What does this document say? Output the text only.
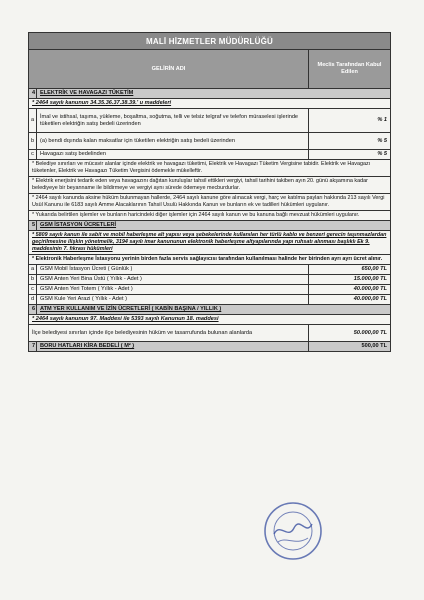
MALİ HİZMETLER MÜDÜRLÜĞÜ		
GELİRİN ADI		Meclis Tarafından Kabul Edilen
4	ELEKTRİK VE HAVAGAZI TÜKETİM	
* 2464 sayılı kanunun 34.35.36.37.38.39.' u maddeleri		
a	İmal ve istihsal, taşıma, yükleme, boşaltma, soğutma, telli ve telsiz telgraf ve telefon müraselesi işlerinde tüketilen elektriğin satış bedeli üzerinden	% 1
b	(a) bendi dışında kalan maksatlar için tüketilen elektriğin satış bedeli üzerinden	% 5
c	Havagazı satış bedelinden	% 5
* Belediye sınırları ve mücavir alanlar içinde elektrik ve havagazı tüketimi, Elektrik ve Havagazı Tüketim Vergisine tabidir. Elektrik ve Havagazı tüketenler, Elektrik ve Havagazı Tüketim Vergisini ödemekle mükelleftir.		
* Elektrik enerjisini tedarik eden veya havagazını dağıtan kuruluşlar tahsil ettikleri vergiyi, tahsil tarihini takiben ayın 20. günü akşamına kadar belediyeye bir beyanname ile bildirmeye ve vergiyi aynı sürede ödemeye mecburdurlar.		
* 2464 sayılı kanunda aksine hüküm bulunmayan hallerde, 2464 sayılı kanune göre alınacak vergi, harç ve katılma payları hakkında 213 sayılı Vergi Usül Kanunu ile 6183 sayılı Amme Alacaklarının Tahsil Usulü Hakkında Kanun ve bunların ek ve tadilleri hükümleri uygulanır.		
* Yukarıda belirtilen işlemler ve bunların haricindeki diğer işlemler için 2464 sayılı kanun ve bu kanuna bağlı mevzuat hükümleri uygulanır.		
5	GSM İSTASYON ÜCRETLERİ	
* 5809 sayılı kanun ile sabit ve mobil haberleşme alt yapısı veya şebekelerinde kullanılan her türlü kablo ve benzeri gerecin taşınmazlardan geçirilmesine ilişkin yönetmelik, 3194 sayılı imar kanununun elektronik haberleşme altyapılarında yapı ruhsatı alınması başlıklı Ek 9. maddesinin 7. fıkrası hükümleri		
* Elektronik Haberleşme İstasyonu yerinin birden fazla servis sağlayıcısı tarafından kullanılması halinde her birinden ayrı ayrı ücret alınır.		
a	GSM Mobil İstasyon Ücreti ( Günlük )	650,00 TL
b	GSM Anten Yeri Bina Üstü ( Yıllık - Adet )	15.000,00 TL
c	GSM Anten Yeri Totem ( Yıllık - Adet )	40.000,00 TL
d	GSM Kule Yeri Arazi ( Yıllık - Adet )	40.000,00 TL
6	ATM YER KULLANIM VE İZİN ÜCRETLERİ ( KABİN BAŞINA / YILLIK )	
* 2464 sayılı kanunun 97. Maddesi ile 5393 sayılı Kanunun 18. maddesi		
İlçe belediyesi sınırları içinde ilçe belediyesinin hüküm ve tasarrufunda bulunan alanlarda		50.000,00 TL
7	BORU HATLARI KİRA BEDELİ ( M² )	500,00 TL
